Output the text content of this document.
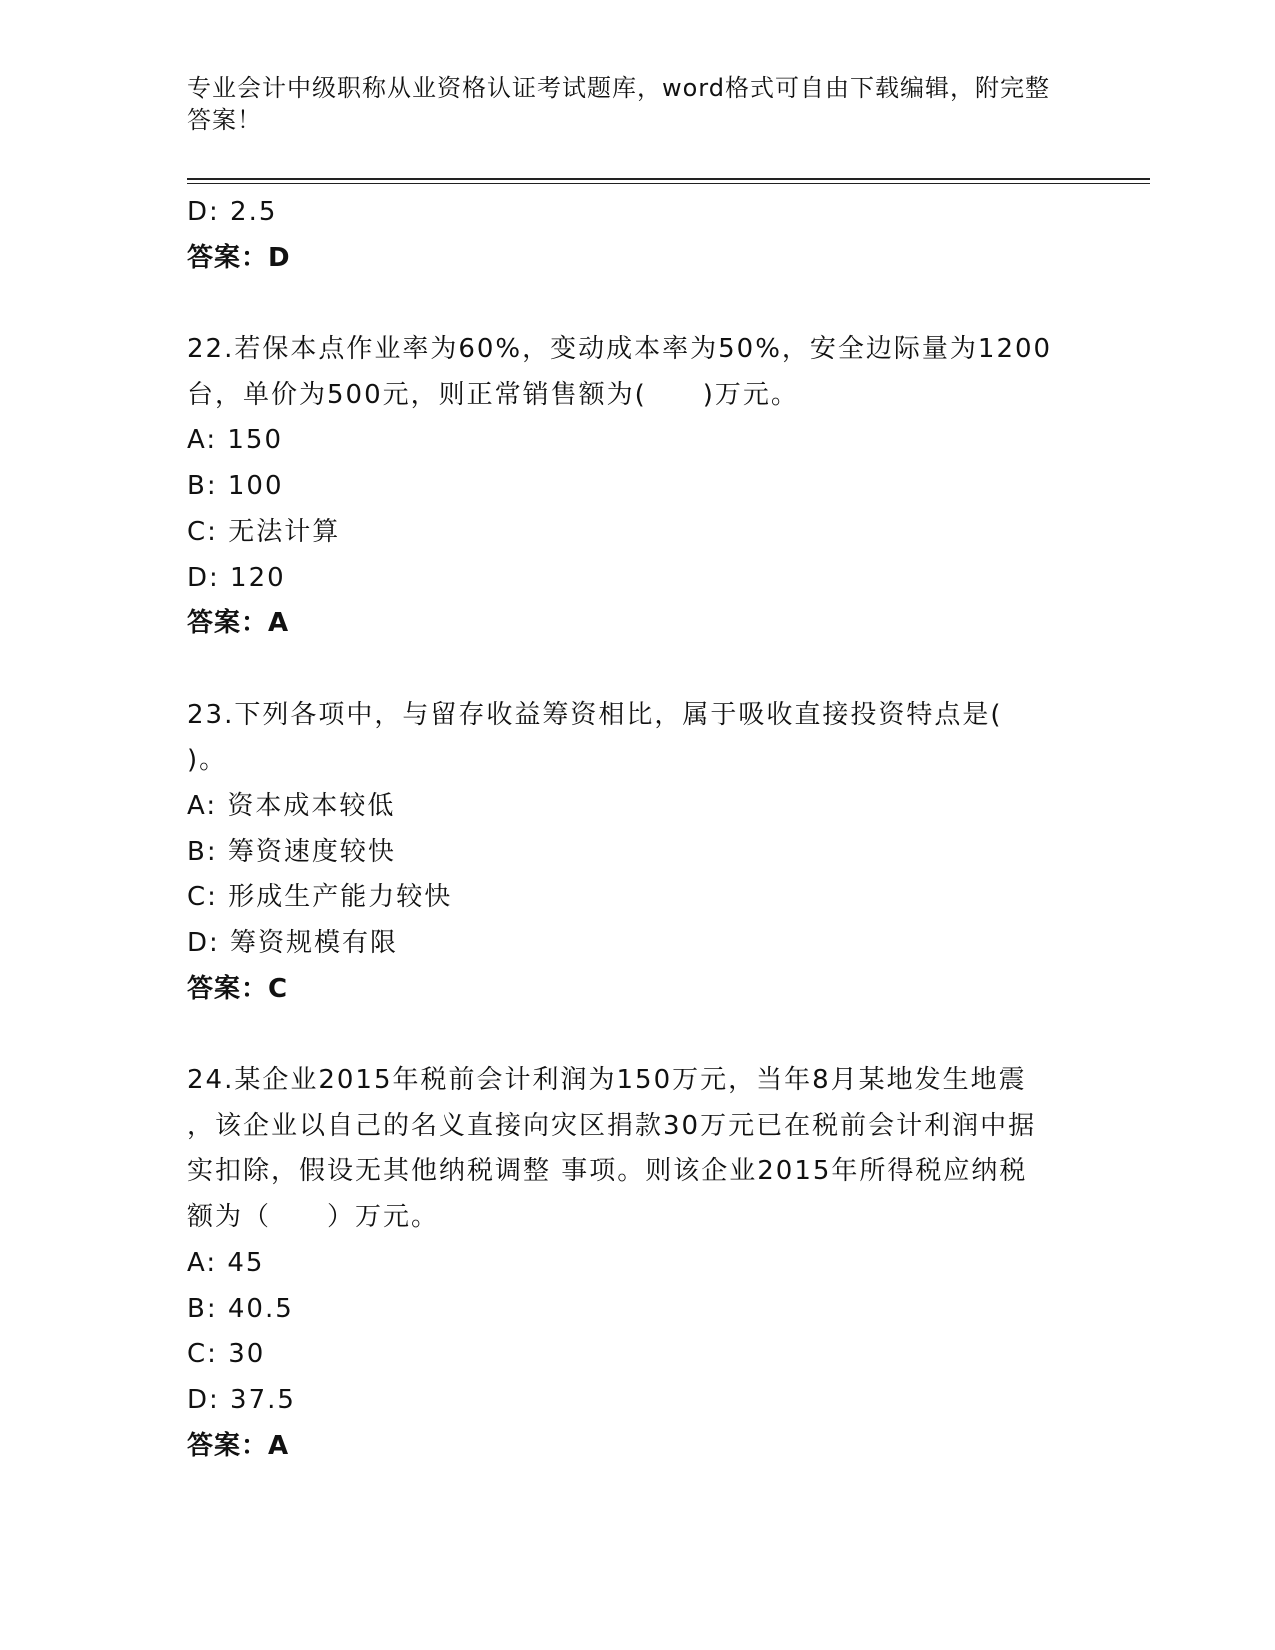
专业会计中级职称从业资格认证考试题库，word格式可自由下载编辑，附完整答案！
D: 2.5
答案：D
22.若保本点作业率为60%，变动成本率为50%，安全边际量为1200
台，单价为500元，则正常销售额为(　　)万元。
A: 150
B: 100
C: 无法计算
D: 120
答案：A
23.下列各项中，与留存收益筹资相比，属于吸收直接投资特点是(
)。
A: 资本成本较低
B: 筹资速度较快
C: 形成生产能力较快
D: 筹资规模有限
答案：C
24.某企业2015年税前会计利润为150万元，当年8月某地发生地震
，该企业以自己的名义直接向灾区捐款30万元已在税前会计利润中据
实扣除，假设无其他纳税调整 事项。则该企业2015年所得税应纳税
额为（　　）万元。
A: 45
B: 40.5
C: 30
D: 37.5
答案：A
